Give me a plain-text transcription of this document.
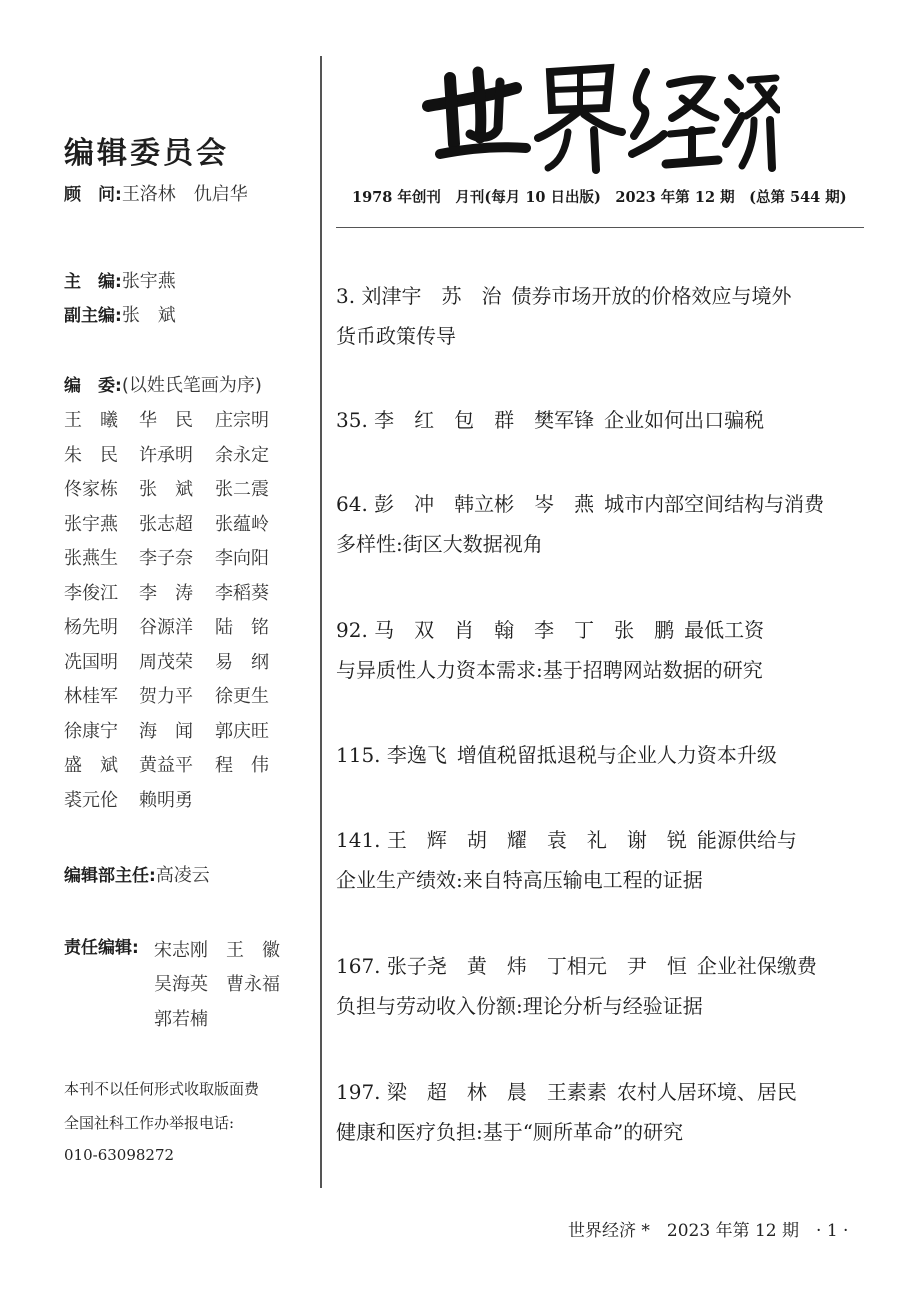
编辑委员会
顾　问:王洛林　仇启华
主　编:张宇燕
副主编:张　斌
编　委:(以姓氏笔画为序)
王　曦 华　民 庄宗明
朱　民 许承明 余永定
佟家栋 张　斌 张二震
张宇燕 张志超 张蕴岭
张燕生 李子奈 李向阳
李俊江 李　涛 李稻葵
杨先明 谷源洋 陆　铭
冼国明 周茂荣 易　纲
林桂军 贺力平 徐更生
徐康宁 海　闻 郭庆旺
盛　斌 黄益平 程　伟
裘元伦 赖明勇
编辑部主任:高凌云
责任编辑: 宋志刚　王　徽
吴海英　曹永福
郭若楠
本刊不以任何形式收取版面费
全国社科工作办举报电话:
010-63098272
1978 年创刊　月刊(每月 10 日出版)　2023 年第 12 期　(总第 544 期)
3. 刘津宇　苏　治 债券市场开放的价格效应与境外
货币政策传导
35. 李　红　包　群　樊军锋 企业如何出口骗税
64. 彭　冲　韩立彬　岑　燕 城市内部空间结构与消费
多样性:街区大数据视角
92. 马　双　肖　翰　李　丁　张　鹏 最低工资
与异质性人力资本需求:基于招聘网站数据的研究
115. 李逸飞 增值税留抵退税与企业人力资本升级
141. 王　辉　胡　耀　袁　礼　谢　锐 能源供给与
企业生产绩效:来自特高压输电工程的证据
167. 张子尧　黄　炜　丁相元　尹　恒 企业社保缴费
负担与劳动收入份额:理论分析与经验证据
197. 梁　超　林　晨　王素素 农村人居环境、居民
健康和医疗负担:基于“厕所革命”的研究
世界经济 *　2023 年第 12 期　· 1 ·
